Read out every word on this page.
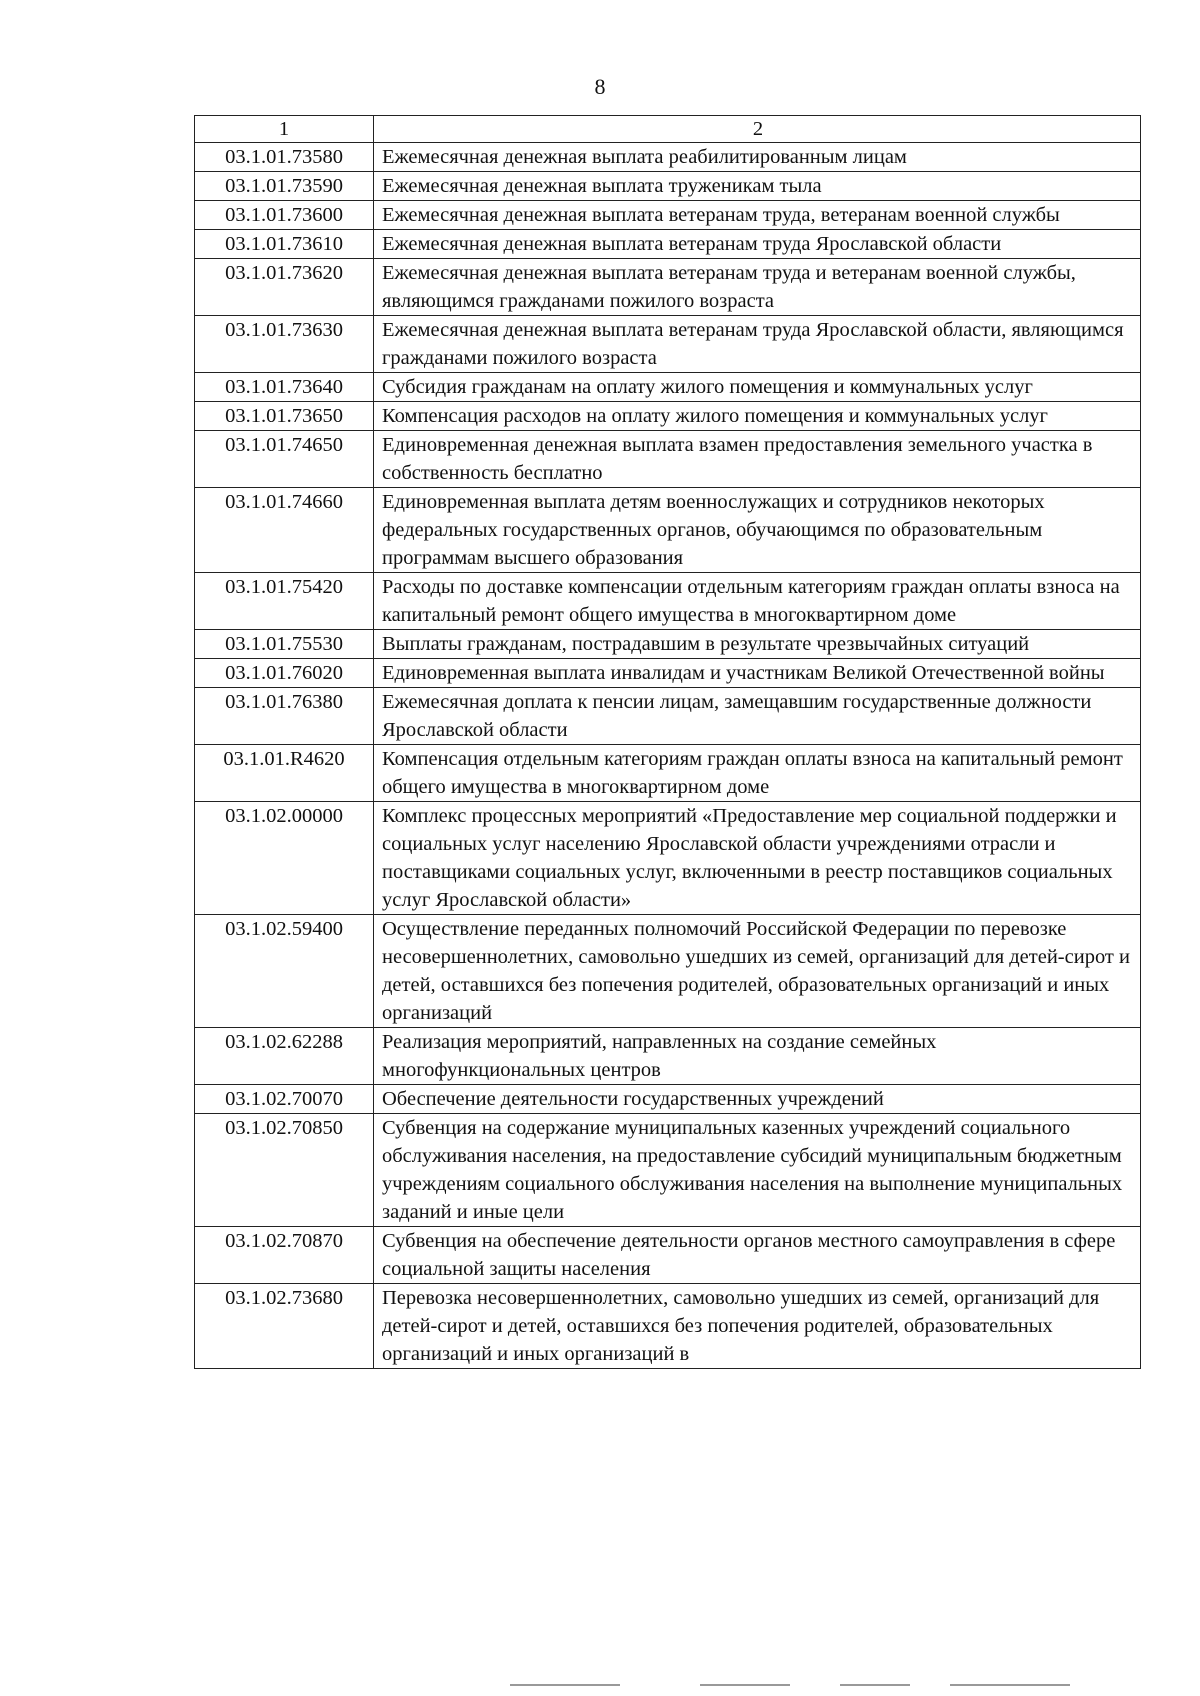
8
1	2
03.1.01.73580	Ежемесячная денежная выплата реабилитированным лицам
03.1.01.73590	Ежемесячная денежная выплата труженикам тыла
03.1.01.73600	Ежемесячная денежная выплата ветеранам труда, ветеранам военной службы
03.1.01.73610	Ежемесячная денежная выплата ветеранам труда Ярославской области
03.1.01.73620	Ежемесячная денежная выплата ветеранам труда и ветеранам военной службы, являющимся гражданами пожилого возраста
03.1.01.73630	Ежемесячная денежная выплата ветеранам труда Ярославской области, являющимся гражданами пожилого возраста
03.1.01.73640	Субсидия гражданам на оплату жилого помещения и коммунальных услуг
03.1.01.73650	Компенсация расходов на оплату жилого помещения и коммунальных услуг
03.1.01.74650	Единовременная денежная выплата взамен предоставления земельного участка в собственность бесплатно
03.1.01.74660	Единовременная выплата детям военнослужащих и сотрудников некоторых федеральных государственных органов, обучающимся по образовательным программам высшего образования
03.1.01.75420	Расходы по доставке компенсации отдельным категориям граждан оплаты взноса на капитальный ремонт общего имущества в многоквартирном доме
03.1.01.75530	Выплаты гражданам, пострадавшим в результате чрезвычайных ситуаций
03.1.01.76020	Единовременная выплата инвалидам и участникам Великой Отечественной войны
03.1.01.76380	Ежемесячная доплата к пенсии лицам, замещавшим государственные должности Ярославской области
03.1.01.R4620	Компенсация отдельным категориям граждан оплаты взноса на капитальный ремонт общего имущества в многоквартирном доме
03.1.02.00000	Комплекс процессных мероприятий «Предоставление мер социальной поддержки и социальных услуг населению Ярославской области учреждениями отрасли и поставщиками социальных услуг, включенными в реестр поставщиков социальных услуг Ярославской области»
03.1.02.59400	Осуществление переданных полномочий Российской Федерации по перевозке несовершеннолетних, самовольно ушедших из семей, организаций для детей-сирот и детей, оставшихся без попечения родителей, образовательных организаций и иных организаций
03.1.02.62288	Реализация мероприятий, направленных на создание семейных многофункциональных центров
03.1.02.70070	Обеспечение деятельности государственных учреждений
03.1.02.70850	Субвенция на содержание муниципальных казенных учреждений социального обслуживания населения, на предоставление субсидий муниципальным бюджетным учреждениям социального обслуживания населения на выполнение муниципальных заданий и иные цели
03.1.02.70870	Субвенция на обеспечение деятельности органов местного самоуправления в сфере социальной защиты населения
03.1.02.73680	Перевозка несовершеннолетних, самовольно ушедших из семей, организаций для детей-сирот и детей, оставшихся без попечения родителей, образовательных организаций и иных организаций в
